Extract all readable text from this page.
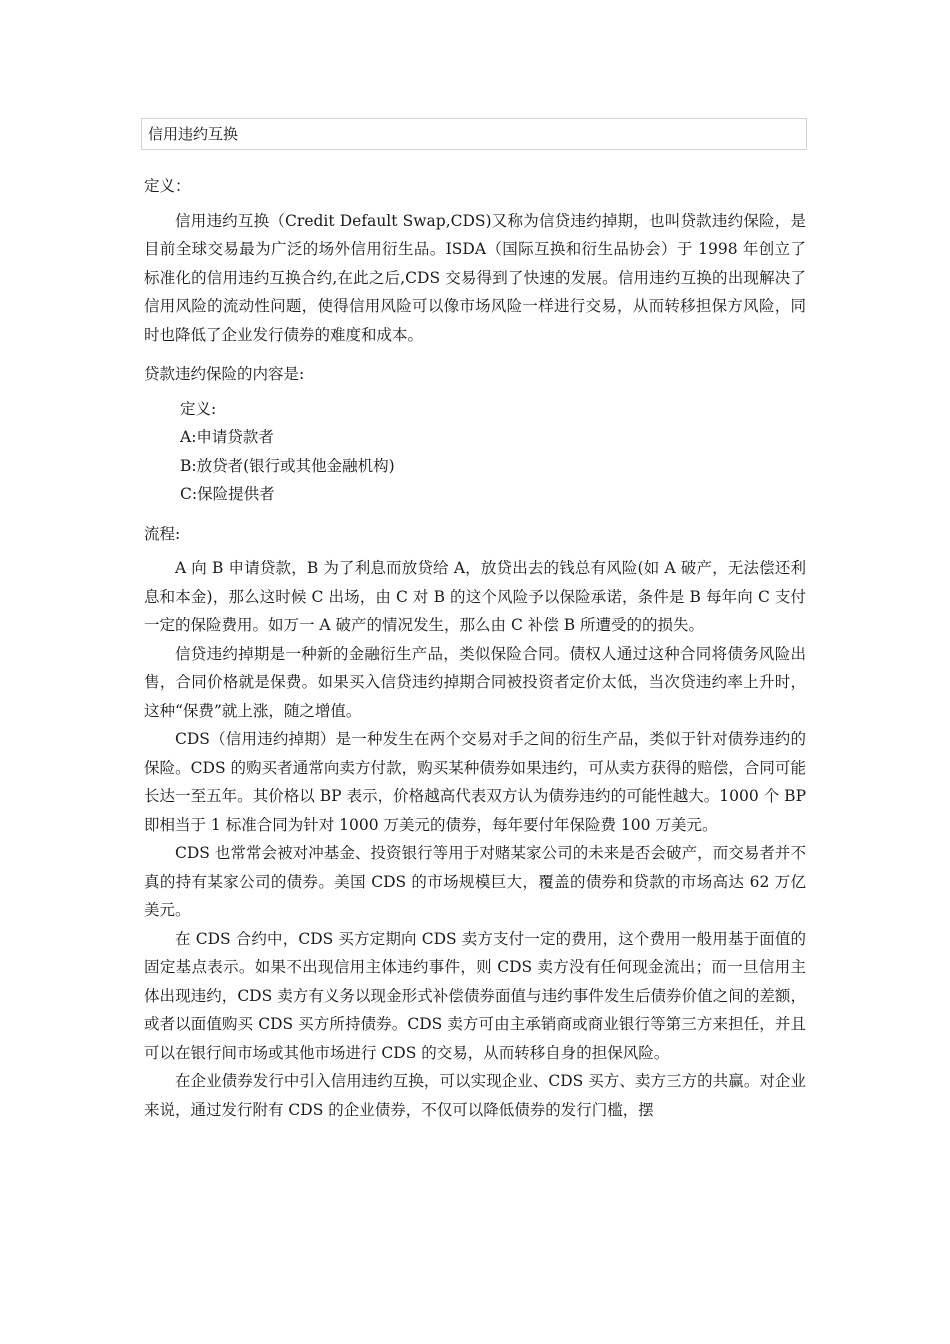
信用违约互换

定义：

信用违约互换（Credit Default Swap,CDS)又称为信贷违约掉期，也叫贷款违约保险，是目前全球交易最为广泛的场外信用衍生品。ISDA（国际互换和衍生品协会）于 1998 年创立了标准化的信用违约互换合约,在此之后,CDS 交易得到了快速的发展。信用违约互换的出现解决了信用风险的流动性问题，使得信用风险可以像市场风险一样进行交易，从而转移担保方风险，同时也降低了企业发行债券的难度和成本。

贷款违约保险的内容是:

定义:
A:申请贷款者
B:放贷者(银行或其他金融机构)
C:保险提供者

流程:

A 向 B 申请贷款，B 为了利息而放贷给 A，放贷出去的钱总有风险(如 A 破产，无法偿还利息和本金)，那么这时候 C 出场，由 C 对 B 的这个风险予以保险承诺，条件是 B 每年向 C 支付一定的保险费用。如万一 A 破产的情况发生，那么由 C 补偿 B 所遭受的的损失。

信贷违约掉期是一种新的金融衍生产品，类似保险合同。债权人通过这种合同将债务风险出售，合同价格就是保费。如果买入信贷违约掉期合同被投资者定价太低，当次贷违约率上升时，这种“保费”就上涨，随之增值。

CDS（信用违约掉期）是一种发生在两个交易对手之间的衍生产品，类似于针对债券违约的保险。CDS 的购买者通常向卖方付款，购买某种债券如果违约，可从卖方获得的赔偿，合同可能长达一至五年。其价格以 BP 表示，价格越高代表双方认为债券违约的可能性越大。1000 个 BP 即相当于 1 标准合同为针对 1000 万美元的债券，每年要付年保险费 100 万美元。

CDS 也常常会被对冲基金、投资银行等用于对赌某家公司的未来是否会破产，而交易者并不真的持有某家公司的债券。美国 CDS 的市场规模巨大，覆盖的债券和贷款的市场高达 62 万亿美元。

在 CDS 合约中，CDS 买方定期向 CDS 卖方支付一定的费用，这个费用一般用基于面值的固定基点表示。如果不出现信用主体违约事件，则 CDS 卖方没有任何现金流出；而一旦信用主体出现违约，CDS 卖方有义务以现金形式补偿债券面值与违约事件发生后债券价值之间的差额，或者以面值购买 CDS 买方所持债券。CDS 卖方可由主承销商或商业银行等第三方来担任，并且可以在银行间市场或其他市场进行 CDS 的交易，从而转移自身的担保风险。

在企业债券发行中引入信用违约互换，可以实现企业、CDS 买方、卖方三方的共赢。对企业来说，通过发行附有 CDS 的企业债券，不仅可以降低债券的发行门槛，摆
